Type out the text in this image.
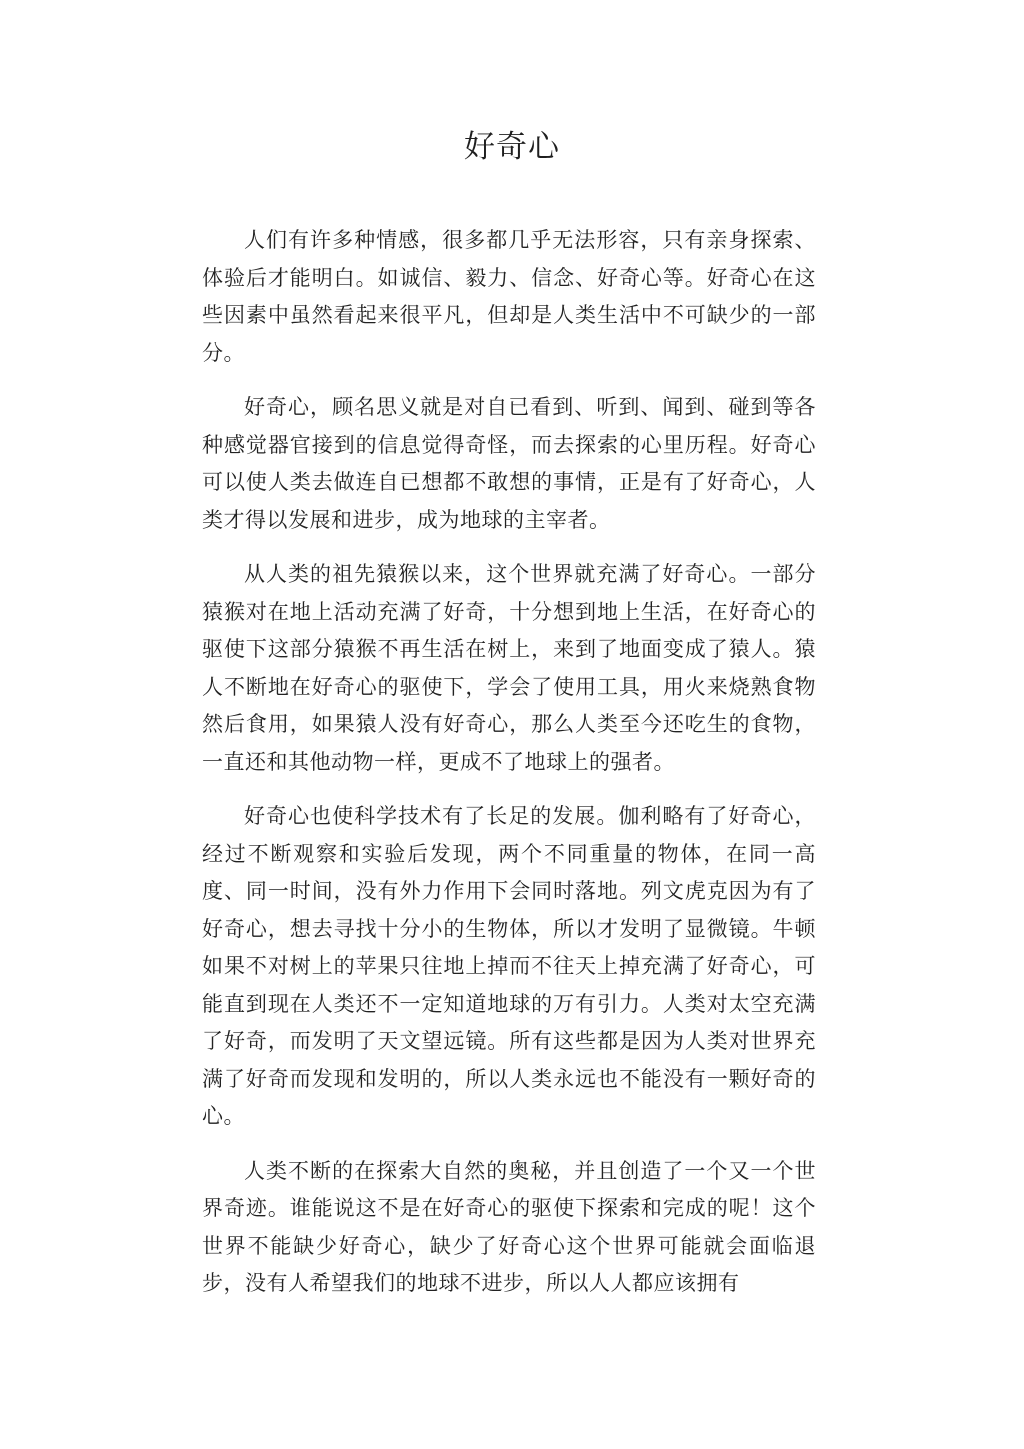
好奇心

人们有许多种情感，很多都几乎无法形容，只有亲身探索、体验后才能明白。如诚信、毅力、信念、好奇心等。好奇心在这些因素中虽然看起来很平凡，但却是人类生活中不可缺少的一部分。

好奇心，顾名思义就是对自已看到、听到、闻到、碰到等各种感觉器官接到的信息觉得奇怪，而去探索的心里历程。好奇心可以使人类去做连自已想都不敢想的事情，正是有了好奇心，人类才得以发展和进步，成为地球的主宰者。

从人类的祖先猿猴以来，这个世界就充满了好奇心。一部分猿猴对在地上活动充满了好奇，十分想到地上生活，在好奇心的驱使下这部分猿猴不再生活在树上，来到了地面变成了猿人。猿人不断地在好奇心的驱使下，学会了使用工具，用火来烧熟食物然后食用，如果猿人没有好奇心，那么人类至今还吃生的食物，一直还和其他动物一样，更成不了地球上的强者。

好奇心也使科学技术有了长足的发展。伽利略有了好奇心，经过不断观察和实验后发现，两个不同重量的物体，在同一高度、同一时间，没有外力作用下会同时落地。列文虎克因为有了好奇心，想去寻找十分小的生物体，所以才发明了显微镜。牛顿如果不对树上的苹果只往地上掉而不往天上掉充满了好奇心，可能直到现在人类还不一定知道地球的万有引力。人类对太空充满了好奇，而发明了天文望远镜。所有这些都是因为人类对世界充满了好奇而发现和发明的，所以人类永远也不能没有一颗好奇的心。

人类不断的在探索大自然的奥秘，并且创造了一个又一个世界奇迹。谁能说这不是在好奇心的驱使下探索和完成的呢！这个世界不能缺少好奇心，缺少了好奇心这个世界可能就会面临退步，没有人希望我们的地球不进步，所以人人都应该拥有
